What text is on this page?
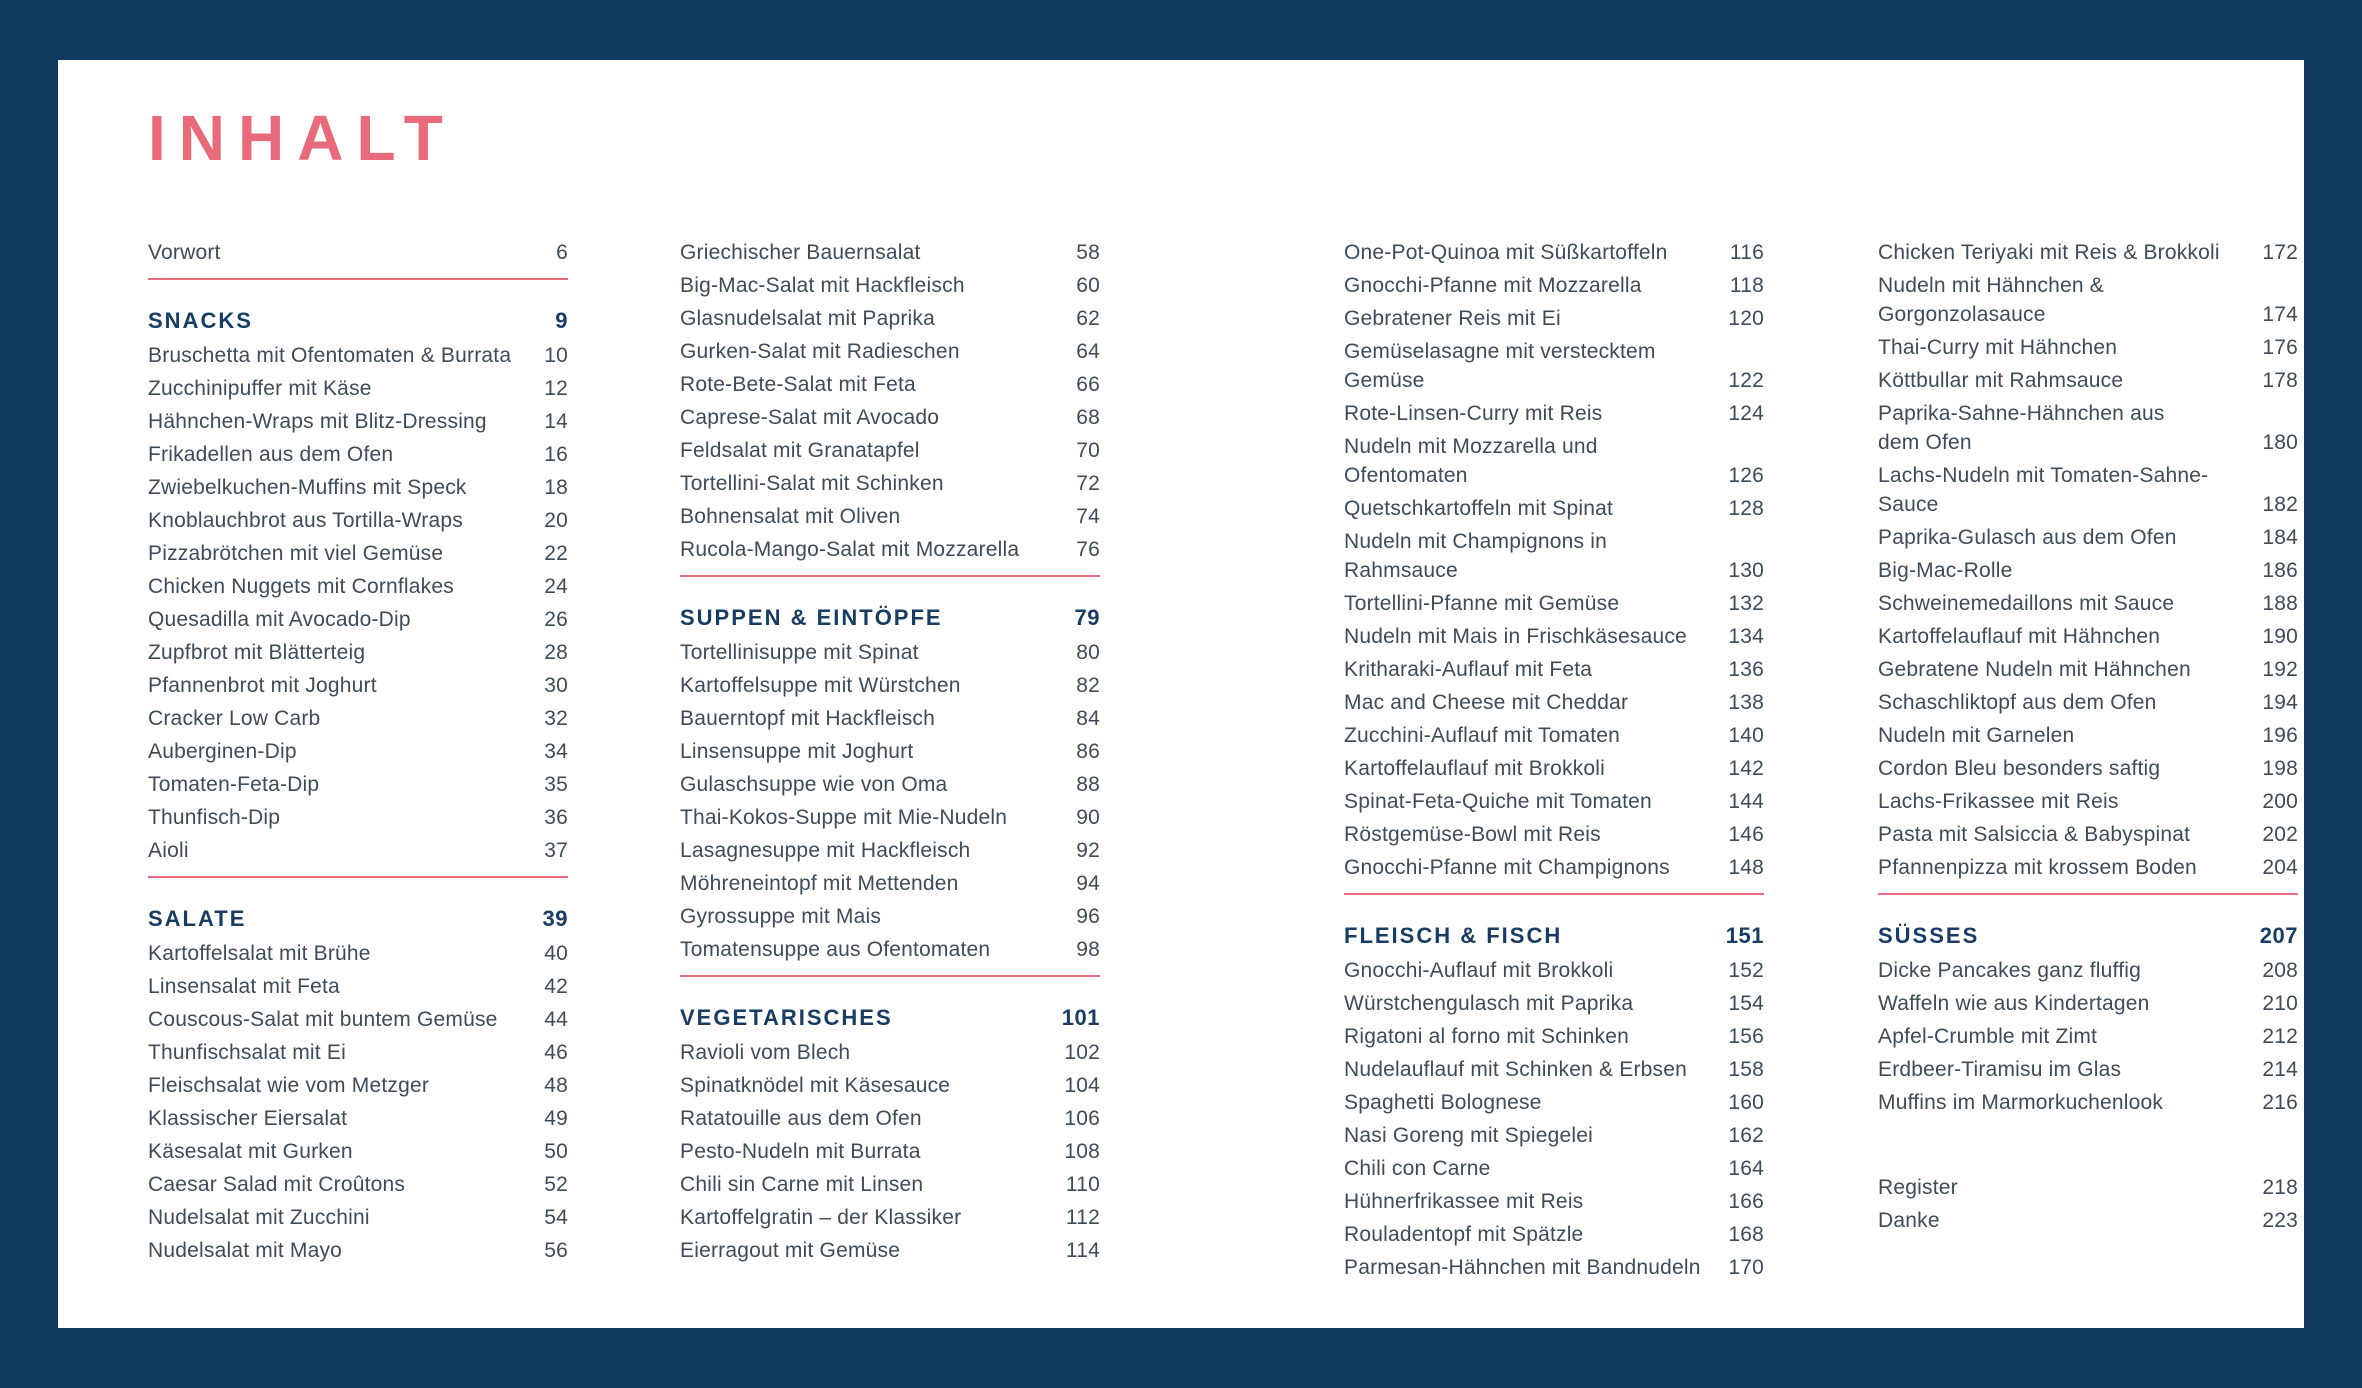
INHALT
Vorwort	6
SNACKS	9
Bruschetta mit Ofentomaten & Burrata	10
Zucchinipuffer mit Käse	12
Hähnchen-Wraps mit Blitz-Dressing	14
Frikadellen aus dem Ofen	16
Zwiebelkuchen-Muffins mit Speck	18
Knoblauchbrot aus Tortilla-Wraps	20
Pizzabrötchen mit viel Gemüse	22
Chicken Nuggets mit Cornflakes	24
Quesadilla mit Avocado-Dip	26
Zupfbrot mit Blätterteig	28
Pfannenbrot mit Joghurt	30
Cracker Low Carb	32
Auberginen-Dip	34
Tomaten-Feta-Dip	35
Thunfisch-Dip	36
Aioli	37
SALATE	39
Kartoffelsalat mit Brühe	40
Linsensalat mit Feta	42
Couscous-Salat mit buntem Gemüse	44
Thunfischsalat mit Ei	46
Fleischsalat wie vom Metzger	48
Klassischer Eiersalat	49
Käsesalat mit Gurken	50
Caesar Salad mit Croûtons	52
Nudelsalat mit Zucchini	54
Nudelsalat mit Mayo	56
Griechischer Bauernsalat	58
Big-Mac-Salat mit Hackfleisch	60
Glasnudelsalat mit Paprika	62
Gurken-Salat mit Radieschen	64
Rote-Bete-Salat mit Feta	66
Caprese-Salat mit Avocado	68
Feldsalat mit Granatapfel	70
Tortellini-Salat mit Schinken	72
Bohnensalat mit Oliven	74
Rucola-Mango-Salat mit Mozzarella	76
SUPPEN & EINTÖPFE	79
Tortellinisuppe mit Spinat	80
Kartoffelsuppe mit Würstchen	82
Bauerntopf mit Hackfleisch	84
Linsensuppe mit Joghurt	86
Gulaschsuppe wie von Oma	88
Thai-Kokos-Suppe mit Mie-Nudeln	90
Lasagnesuppe mit Hackfleisch	92
Möhreneintopf mit Mettenden	94
Gyrossuppe mit Mais	96
Tomatensuppe aus Ofentomaten	98
VEGETARISCHES	101
Ravioli vom Blech	102
Spinatknödel mit Käsesauce	104
Ratatouille aus dem Ofen	106
Pesto-Nudeln mit Burrata	108
Chili sin Carne mit Linsen	110
Kartoffelgratin – der Klassiker	112
Eierragout mit Gemüse	114
One-Pot-Quinoa mit Süßkartoffeln	116
Gnocchi-Pfanne mit Mozzarella	118
Gebratener Reis mit Ei	120
Gemüselasagne mit verstecktem
Gemüse	122
Rote-Linsen-Curry mit Reis	124
Nudeln mit Mozzarella und
Ofentomaten	126
Quetschkartoffeln mit Spinat	128
Nudeln mit Champignons in
Rahmsauce	130
Tortellini-Pfanne mit Gemüse	132
Nudeln mit Mais in Frischkäsesauce	134
Kritharaki-Auflauf mit Feta	136
Mac and Cheese mit Cheddar	138
Zucchini-Auflauf mit Tomaten	140
Kartoffelauflauf mit Brokkoli	142
Spinat-Feta-Quiche mit Tomaten	144
Röstgemüse-Bowl mit Reis	146
Gnocchi-Pfanne mit Champignons	148
FLEISCH & FISCH	151
Gnocchi-Auflauf mit Brokkoli	152
Würstchengulasch mit Paprika	154
Rigatoni al forno mit Schinken	156
Nudelauflauf mit Schinken & Erbsen	158
Spaghetti Bolognese	160
Nasi Goreng mit Spiegelei	162
Chili con Carne	164
Hühnerfrikassee mit Reis	166
Rouladentopf mit Spätzle	168
Parmesan-Hähnchen mit Bandnudeln	170
Chicken Teriyaki mit Reis & Brokkoli	172
Nudeln mit Hähnchen &
Gorgonzolasauce	174
Thai-Curry mit Hähnchen	176
Köttbullar mit Rahmsauce	178
Paprika-Sahne-Hähnchen aus
dem Ofen	180
Lachs-Nudeln mit Tomaten-Sahne-
Sauce	182
Paprika-Gulasch aus dem Ofen	184
Big-Mac-Rolle	186
Schweinemedaillons mit Sauce	188
Kartoffelauflauf mit Hähnchen	190
Gebratene Nudeln mit Hähnchen	192
Schaschliktopf aus dem Ofen	194
Nudeln mit Garnelen	196
Cordon Bleu besonders saftig	198
Lachs-Frikassee mit Reis	200
Pasta mit Salsiccia & Babyspinat	202
Pfannenpizza mit krossem Boden	204
SÜSSES	207
Dicke Pancakes ganz fluffig	208
Waffeln wie aus Kindertagen	210
Apfel-Crumble mit Zimt	212
Erdbeer-Tiramisu im Glas	214
Muffins im Marmorkuchenlook	216
Register	218
Danke	223
